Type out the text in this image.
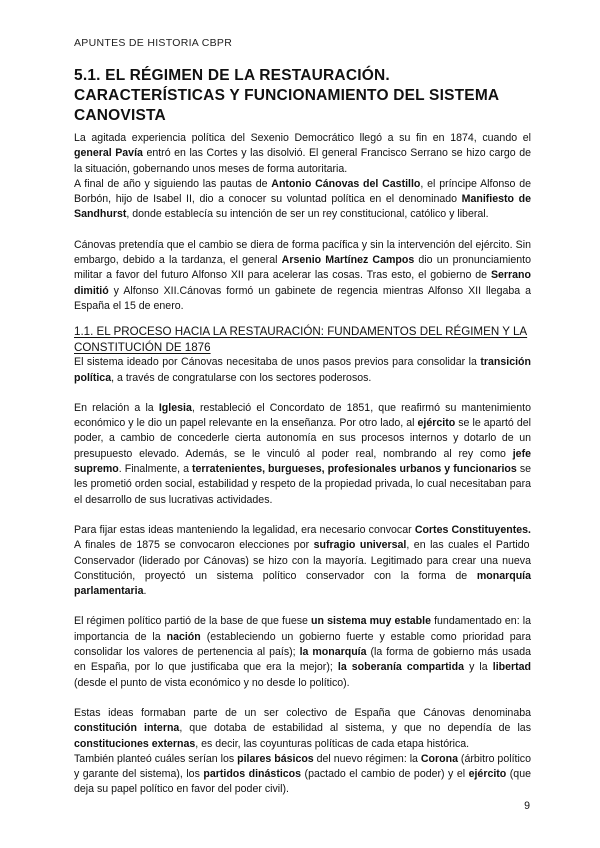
APUNTES DE HISTORIA CBPR
5.1. EL RÉGIMEN DE LA RESTAURACIÓN. CARACTERÍSTICAS Y FUNCIONAMIENTO DEL SISTEMA CANOVISTA

La agitada experiencia política del Sexenio Democrático llegó a su fin en 1874, cuando el general Pavía entró en las Cortes y las disolvió. El general Francisco Serrano se hizo cargo de la situación, gobernando unos meses de forma autoritaria.

A final de año y siguiendo las pautas de Antonio Cánovas del Castillo, el príncipe Alfonso de Borbón, hijo de Isabel II, dio a conocer su voluntad política en el denominado Manifiesto de Sandhurst, donde establecía su intención de ser un rey constitucional, católico y liberal.

Cánovas pretendía que el cambio se diera de forma pacífica y sin la intervención del ejército. Sin embargo, debido a la tardanza, el general Arsenio Martínez Campos dio un pronunciamiento militar a favor del futuro Alfonso XII para acelerar las cosas. Tras esto, el gobierno de Serrano dimitió y Alfonso XII.Cánovas formó un gabinete de regencia mientras Alfonso XII llegaba a España el 15 de enero.

1.1. EL PROCESO HACIA LA RESTAURACIÓN: FUNDAMENTOS DEL RÉGIMEN Y LA CONSTITUCIÓN DE 1876

El sistema ideado por Cánovas necesitaba de unos pasos previos para consolidar la transición política, a través de congratularse con los sectores poderosos.

En relación a la Iglesia, restableció el Concordato de 1851, que reafirmó su mantenimiento económico y le dio un papel relevante en la enseñanza. Por otro lado, al ejército se le apartó del poder, a cambio de concederle cierta autonomía en sus procesos internos y dotarlo de un presupuesto elevado. Además, se le vinculó al poder real, nombrando al rey como jefe supremo. Finalmente, a terratenientes, burgueses, profesionales urbanos y funcionarios se les prometió orden social, estabilidad y respeto de la propiedad privada, lo cual necesitaban para el desarrollo de sus lucrativas actividades.

Para fijar estas ideas manteniendo la legalidad, era necesario convocar Cortes Constituyentes. A finales de 1875 se convocaron elecciones por sufragio universal, en las cuales el Partido Conservador (liderado por Cánovas) se hizo con la mayoría. Legitimado para crear una nueva Constitución, proyectó un sistema político conservador con la forma de monarquía parlamentaria.

El régimen político partió de la base de que fuese un sistema muy estable fundamentado en: la importancia de la nación (estableciendo un gobierno fuerte y estable como prioridad para consolidar los valores de pertenencia al país); la monarquía (la forma de gobierno más usada en España, por lo que justificaba que era la mejor); la soberanía compartida y la libertad (desde el punto de vista económico y no desde lo político).

Estas ideas formaban parte de un ser colectivo de España que Cánovas denominaba constitución interna, que dotaba de estabilidad al sistema, y que no dependía de las constituciones externas, es decir, las coyunturas políticas de cada etapa histórica.

También planteó cuáles serían los pilares básicos del nuevo régimen: la Corona (árbitro político y garante del sistema), los partidos dinásticos (pactado el cambio de poder) y el ejército (que deja su papel político en favor del poder civil).

9
